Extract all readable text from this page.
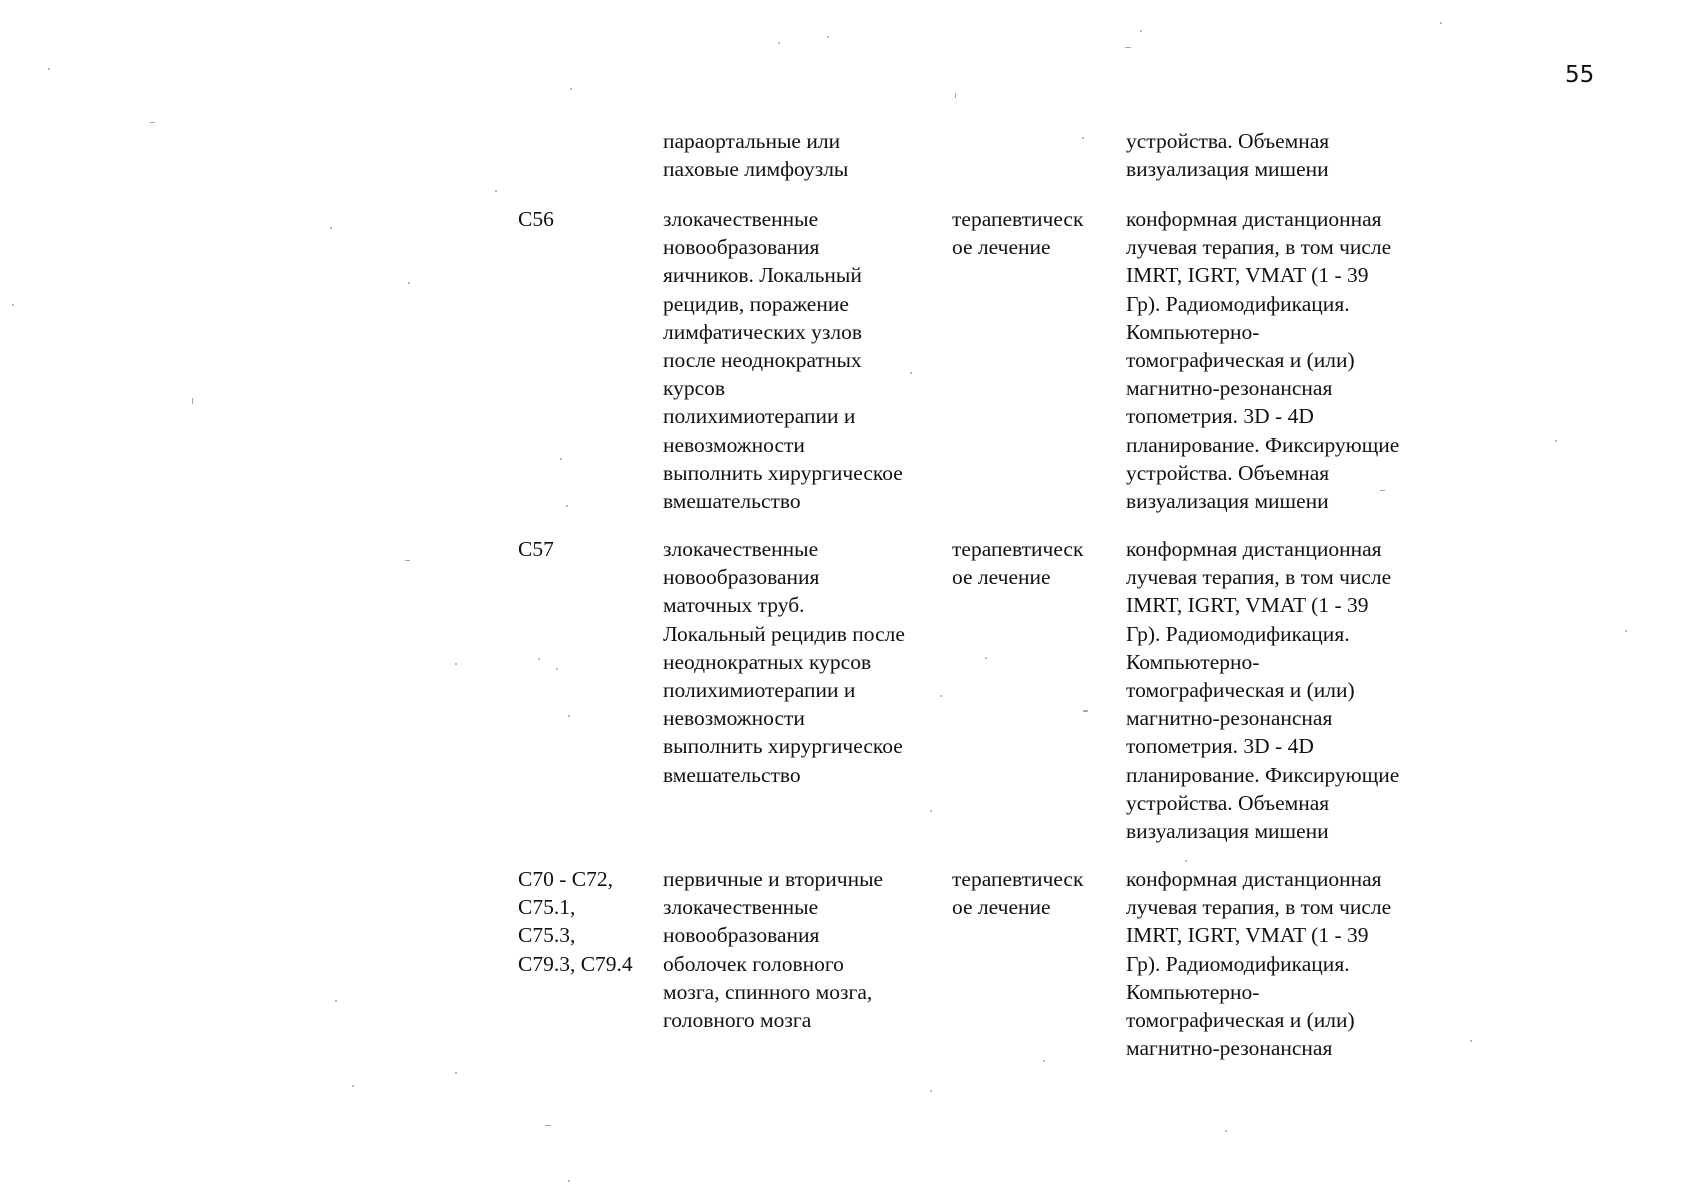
55
параортальные или
паховые лимфоузлы
устройства. Объемная
визуализация мишени
C56	злокачественные
новообразования
яичников. Локальный
рецидив, поражение
лимфатических узлов
после неоднократных
курсов
полихимиотерапии и
невозможности
выполнить хирургическое
вмешательство
терапевтическ
ое лечение
конформная дистанционная
лучевая терапия, в том числе
IMRT, IGRT, VMAT (1 - 39
Гр). Радиомодификация.
Компьютерно-
томографическая и (или)
магнитно-резонансная
топометрия. 3D - 4D
планирование. Фиксирующие
устройства. Объемная
визуализация мишени
C57	злокачественные
новообразования
маточных труб.
Локальный рецидив после
неоднократных курсов
полихимиотерапии и
невозможности
выполнить хирургическое
вмешательство
терапевтическ
ое лечение
конформная дистанционная
лучевая терапия, в том числе
IMRT, IGRT, VMAT (1 - 39
Гр). Радиомодификация.
Компьютерно-
томографическая и (или)
магнитно-резонансная
топометрия. 3D - 4D
планирование. Фиксирующие
устройства. Объемная
визуализация мишени
C70 - C72,
C75.1,
C75.3,
C79.3, C79.4
первичные и вторичные
злокачественные
новообразования
оболочек головного
мозга, спинного мозга,
головного мозга
терапевтическ
ое лечение
конформная дистанционная
лучевая терапия, в том числе
IMRT, IGRT, VMAT (1 - 39
Гр). Радиомодификация.
Компьютерно-
томографическая и (или)
магнитно-резонансная
